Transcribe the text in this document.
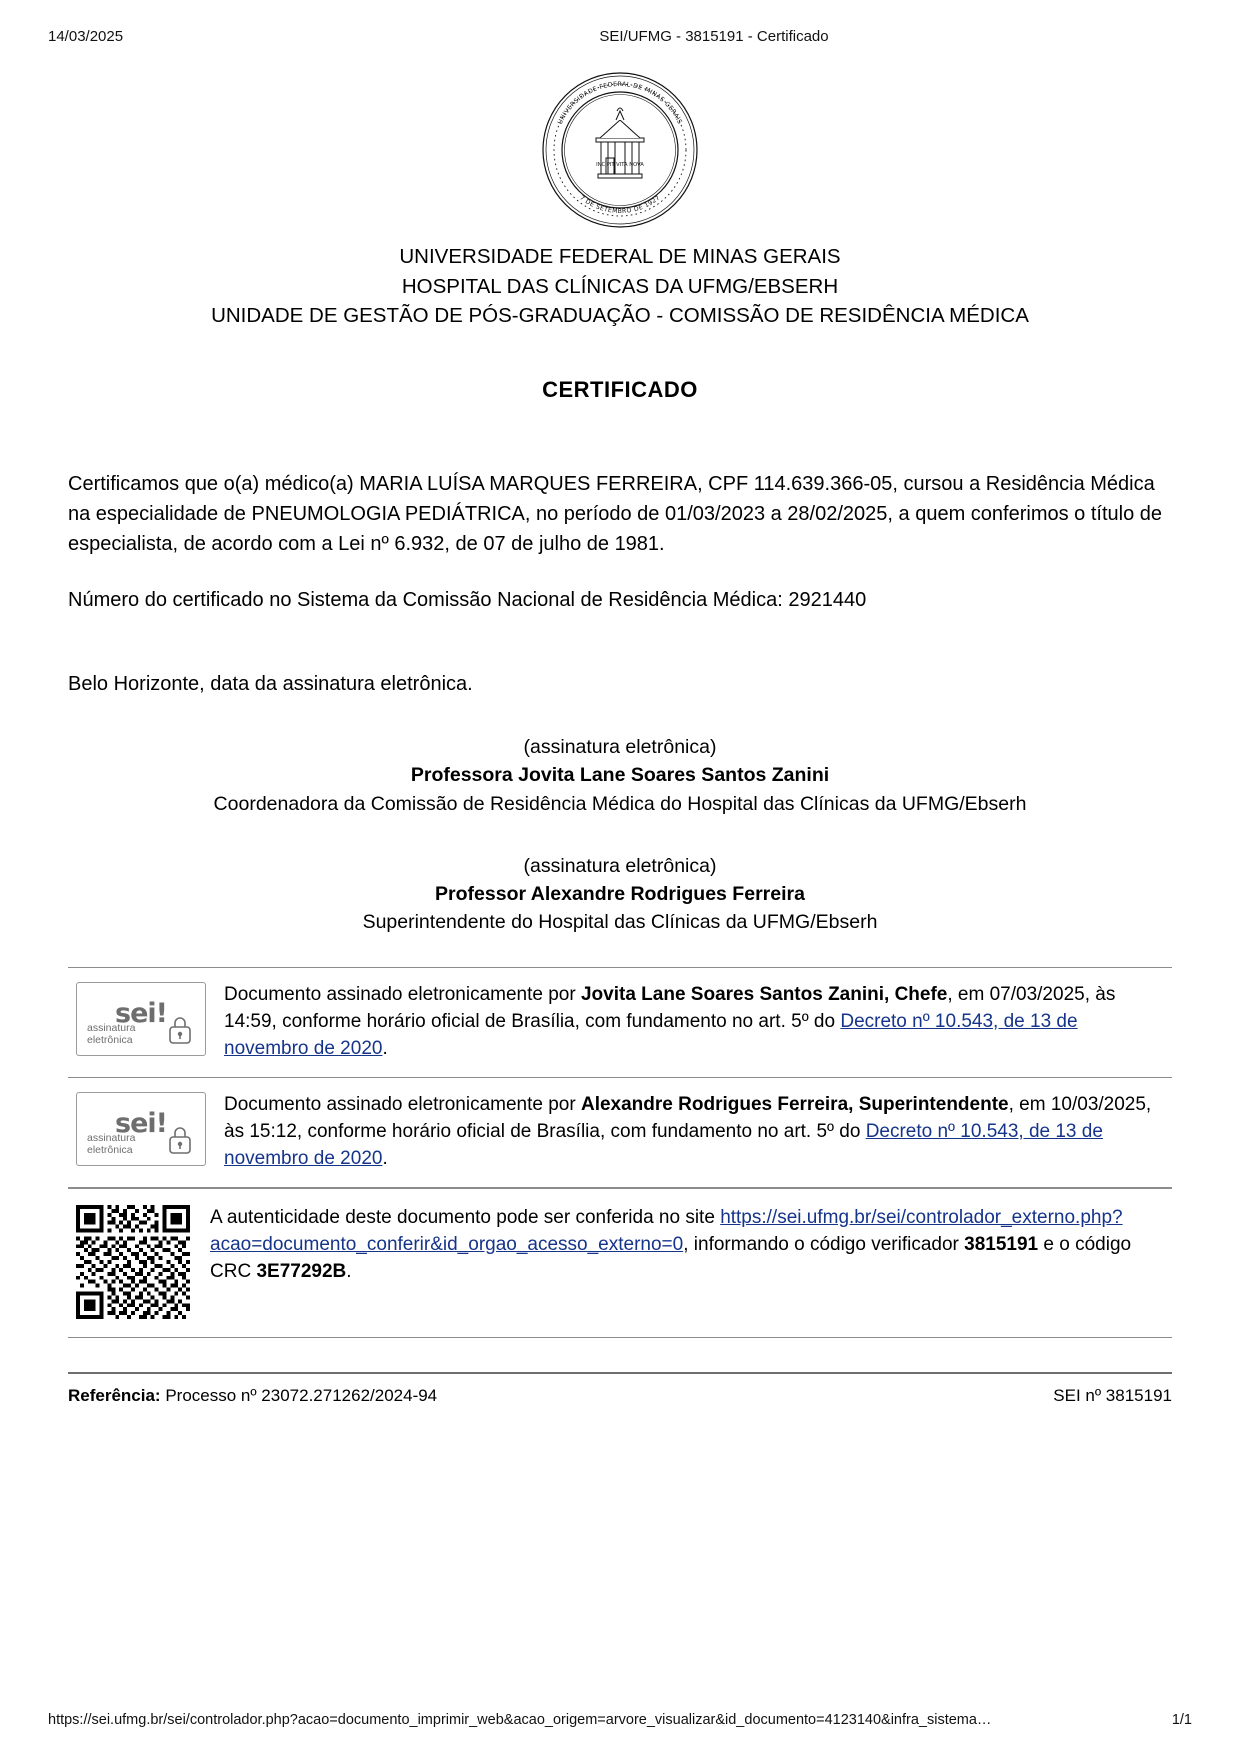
14/03/2025	SEI/UFMG - 3815191 - Certificado
UNIVERSIDADE FEDERAL DE MINAS GERAIS
7 DE SETEMBRO DE 1927
INCIPIT VITA NOVA
UNIVERSIDADE FEDERAL DE MINAS GERAIS
HOSPITAL DAS CLÍNICAS DA UFMG/EBSERH
UNIDADE DE GESTÃO DE PÓS-GRADUAÇÃO - COMISSÃO DE RESIDÊNCIA MÉDICA
CERTIFICADO

Certificamos que o(a) médico(a) MARIA LUÍSA MARQUES FERREIRA, CPF 114.639.366-05, cursou a Residência Médica na especialidade de PNEUMOLOGIA PEDIÁTRICA, no período de 01/03/2023 a 28/02/2025, a quem conferimos o título de especialista, de acordo com a Lei nº 6.932, de 07 de julho de 1981.

Número do certificado no Sistema da Comissão Nacional de Residência Médica: 2921440

Belo Horizonte, data da assinatura eletrônica.

(assinatura eletrônica)
Professora Jovita Lane Soares Santos Zanini
Coordenadora da Comissão de Residência Médica do Hospital das Clínicas da UFMG/Ebserh
(assinatura eletrônica)
Professor Alexandre Rodrigues Ferreira
Superintendente do Hospital das Clínicas da UFMG/Ebserh
sei!
assinatura
eletrônica
Documento assinado eletronicamente por Jovita Lane Soares Santos Zanini, Chefe, em 07/03/2025, às 14:59, conforme horário oficial de Brasília, com fundamento no art. 5º do Decreto nº 10.543, de 13 de novembro de 2020.
sei!
assinatura
eletrônica
Documento assinado eletronicamente por Alexandre Rodrigues Ferreira, Superintendente, em 10/03/2025, às 15:12, conforme horário oficial de Brasília, com fundamento no art. 5º do Decreto nº 10.543, de 13 de novembro de 2020.
A autenticidade deste documento pode ser conferida no site https://sei.ufmg.br/sei/controlador_externo.php?acao=documento_conferir&id_orgao_acesso_externo=0, informando o código verificador 3815191 e o código CRC 3E77292B.
Referência: Processo nº 23072.271262/2024-94	SEI nº 3815191
https://sei.ufmg.br/sei/controlador.php?acao=documento_imprimir_web&acao_origem=arvore_visualizar&id_documento=4123140&infra_sistema…	1/1
